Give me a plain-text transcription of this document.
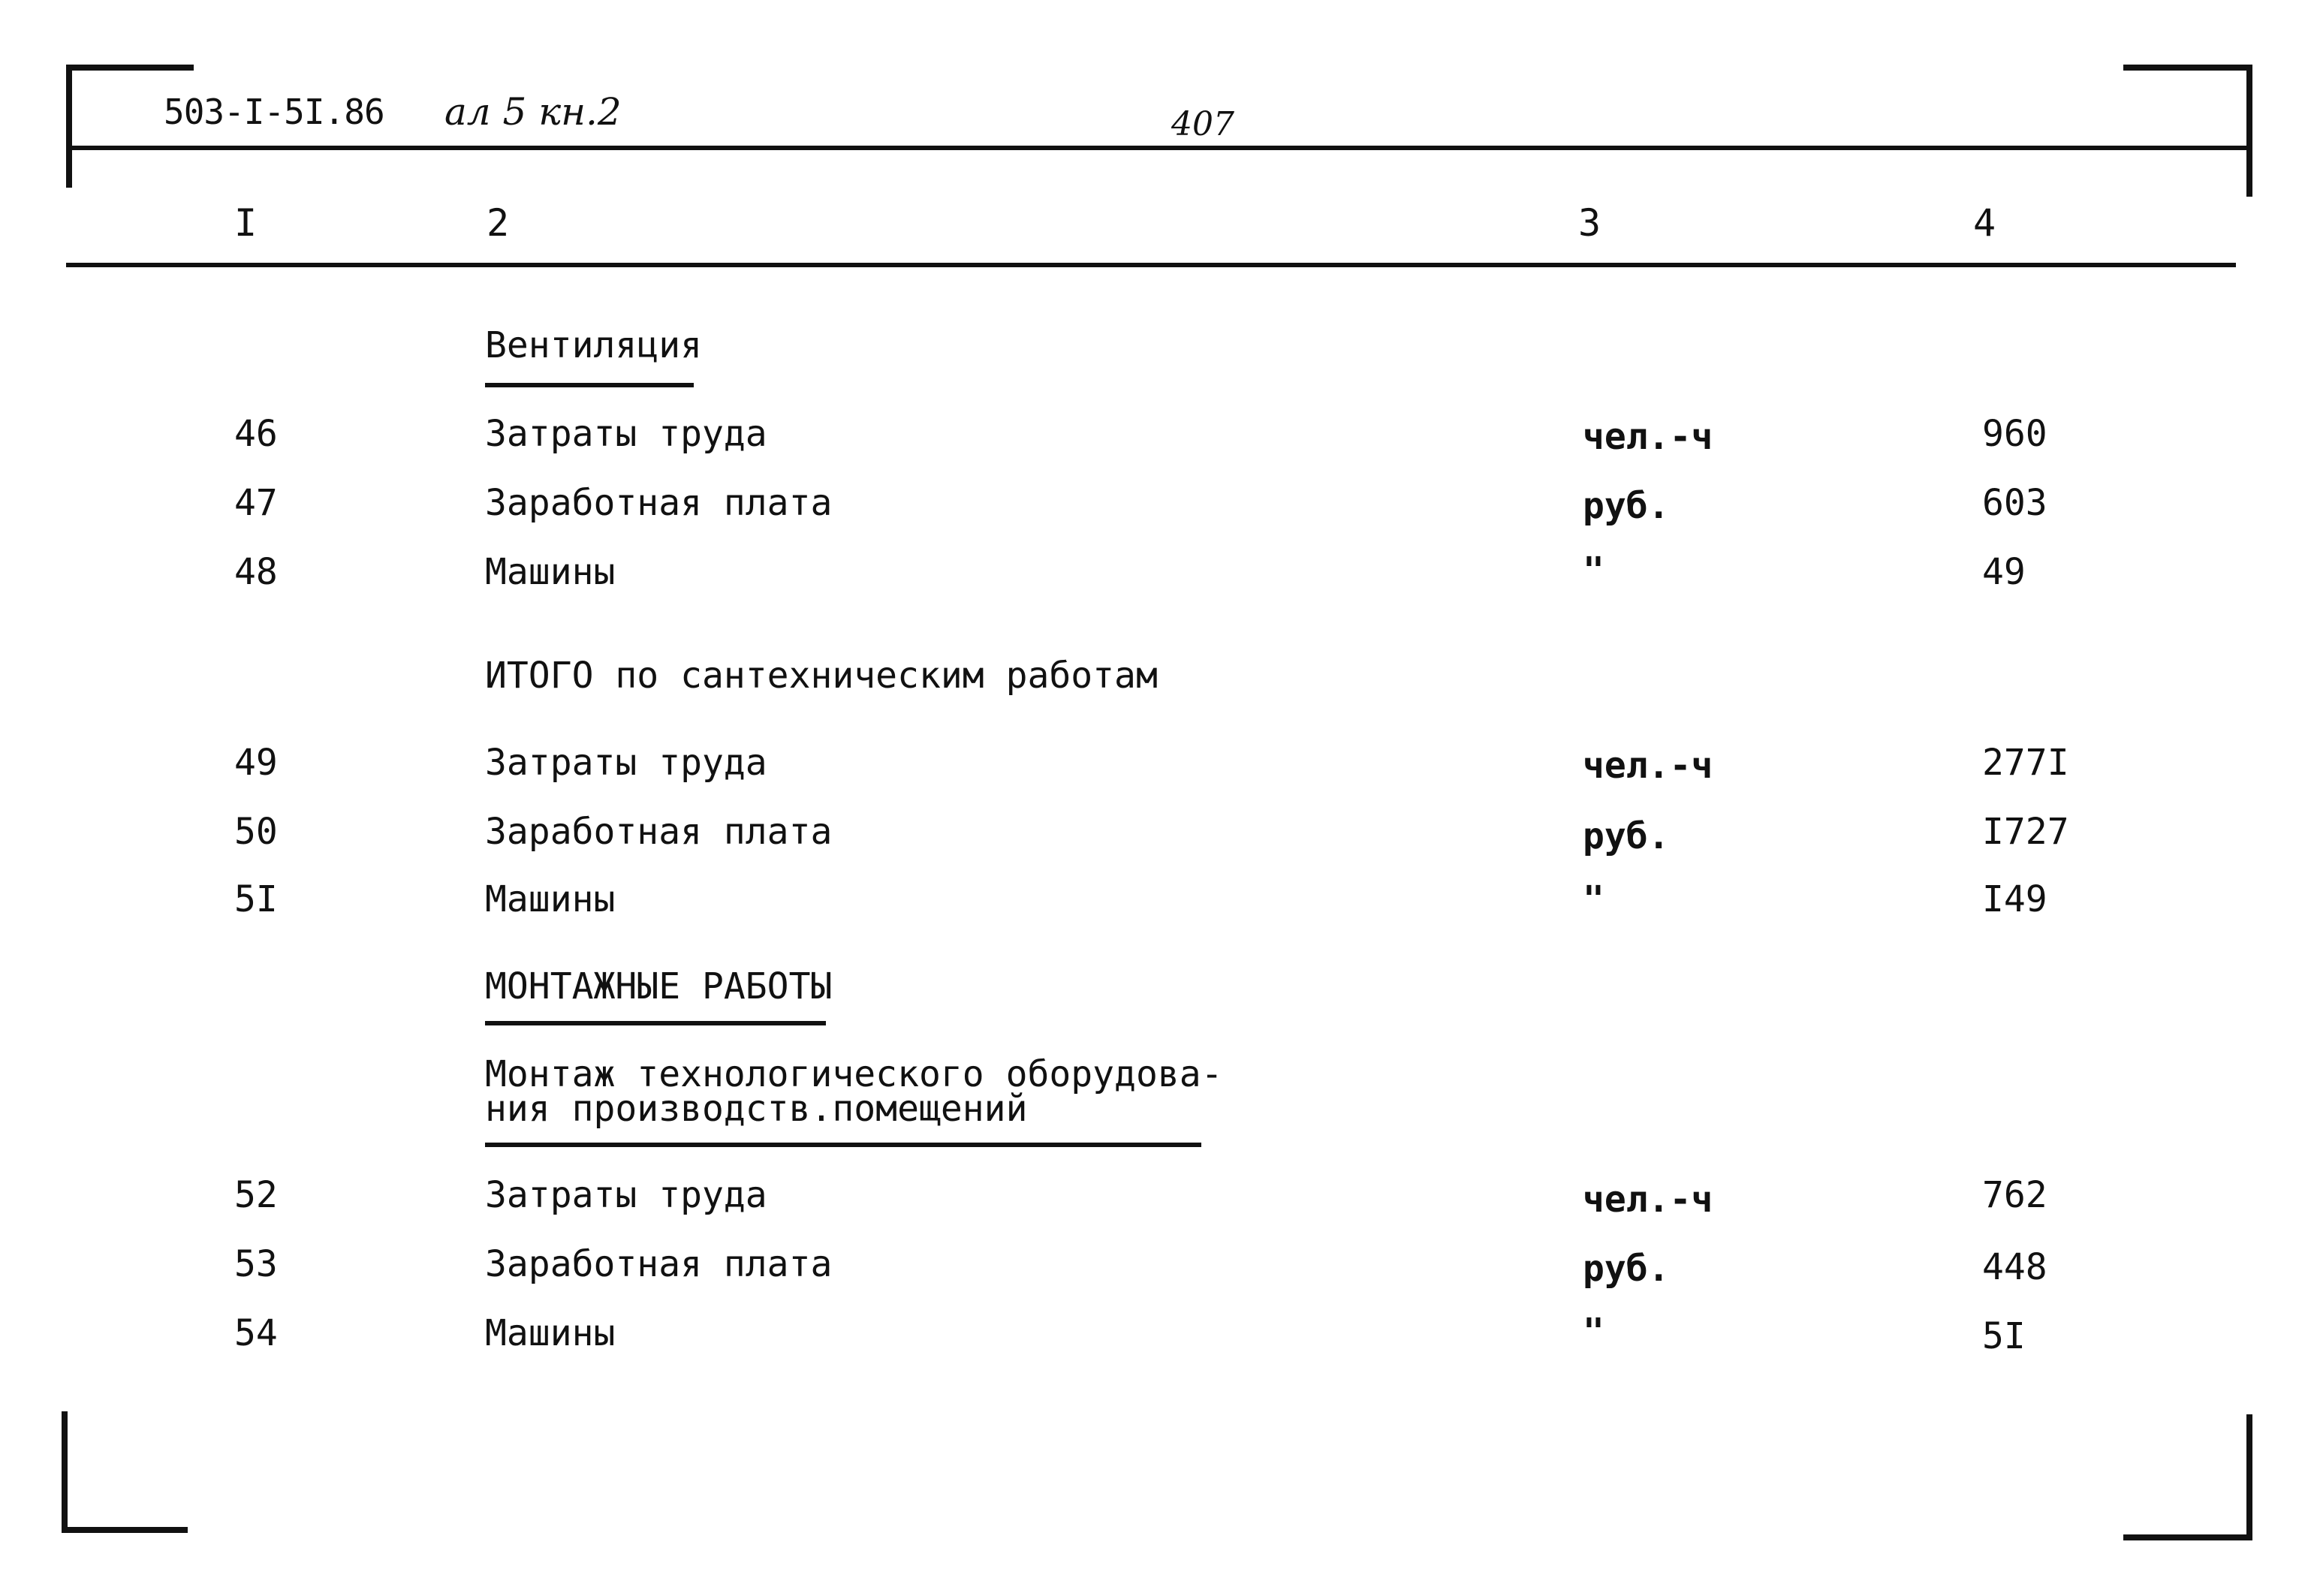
503-I-5I.86 ал 5 кн.2	407
I	2	3	4
Вентиляция
46	Затраты труда	чел.-ч	960
47	Заработная плата	руб.	603
48	Машины	"	49
ИТОГО по сантехническим работам
49	Затраты труда	чел.-ч	277I
50	Заработная плата	руб.	I727
5I	Машины	"	I49
МОНТАЖНЫЕ РАБОТЫ
Монтаж технологического оборудова-
ния производств.помещений
52	Затраты труда	чел.-ч	762
53	Заработная плата	руб.	448
54	Машины	"	5I
